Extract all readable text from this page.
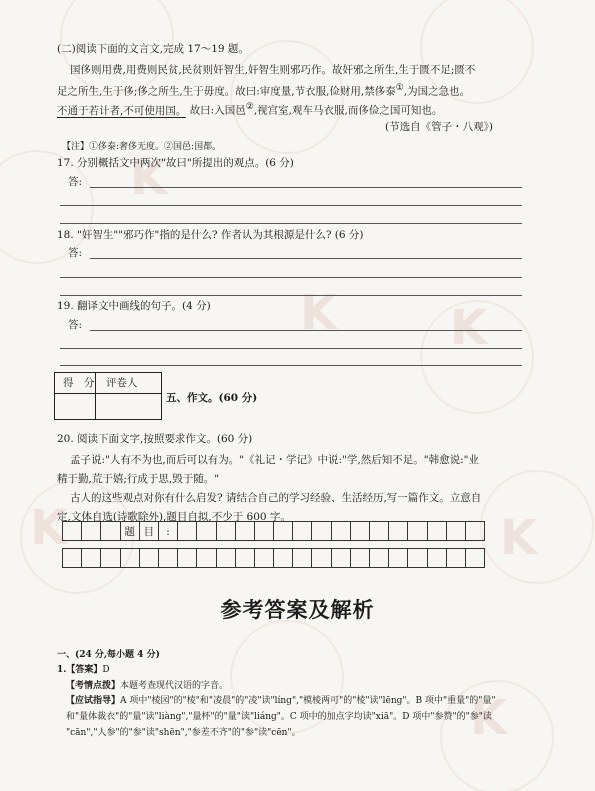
K
K K
K
K
K
(二)阅读下面的文言文,完成 17～19 题。
国侈则用费,用费则民贫,民贫则奸智生,奸智生则邪巧作。故奸邪之所生,生于匮不足;匮不
足之所生,生于侈;侈之所生,生于毋度。故曰:审度量,节衣服,俭财用,禁侈泰①,为国之急也。
不通于若计者,不可使用国。 故曰:入国邑②,视宫室,观车马衣服,而侈俭之国可知也。
(节选自《管子・八观》)
【注】①侈泰:奢侈无度。②国邑:国都。
17. 分别概括文中两次"故曰"所提出的观点。(6 分)
答:
18. "奸智生""邪巧作"指的是什么? 作者认为其根源是什么? (6 分)
答:
19. 翻译文中画线的句子。(4 分)
答:
得　分 评卷人
五、作文。(60 分)
20. 阅读下面文字,按照要求作文。(60 分)
孟子说:"人有不为也,而后可以有为。"《礼记・学记》中说:"学,然后知不足。"韩愈说:"业
精于勤,荒于嬉;行成于思,毁于随。"
古人的这些观点对你有什么启发? 请结合自己的学习经验、生活经历,写一篇作文。立意自
定,文体自选(诗歌除外),题目自拟,不少于 600 字。
题 目	:
参考答案及解析
一、(24 分,每小题 4 分)
1.【答案】D
【考情点拨】本题考查现代汉语的字音。
【应试指导】A 项中"棱园"的"棱"和"凌晨"的"凌"读"líng","模棱两可"的"棱"读"lēng"。B 项中"重量"的"量"
和"量体裁衣"的"量"读"liàng","量杯"的"量"读"liáng"。C 项中的加点字均读"xiā"。D 项中"参赞"的"参"读
"cān","人参"的"参"读"shēn","参差不齐"的"参"读"cēn"。
